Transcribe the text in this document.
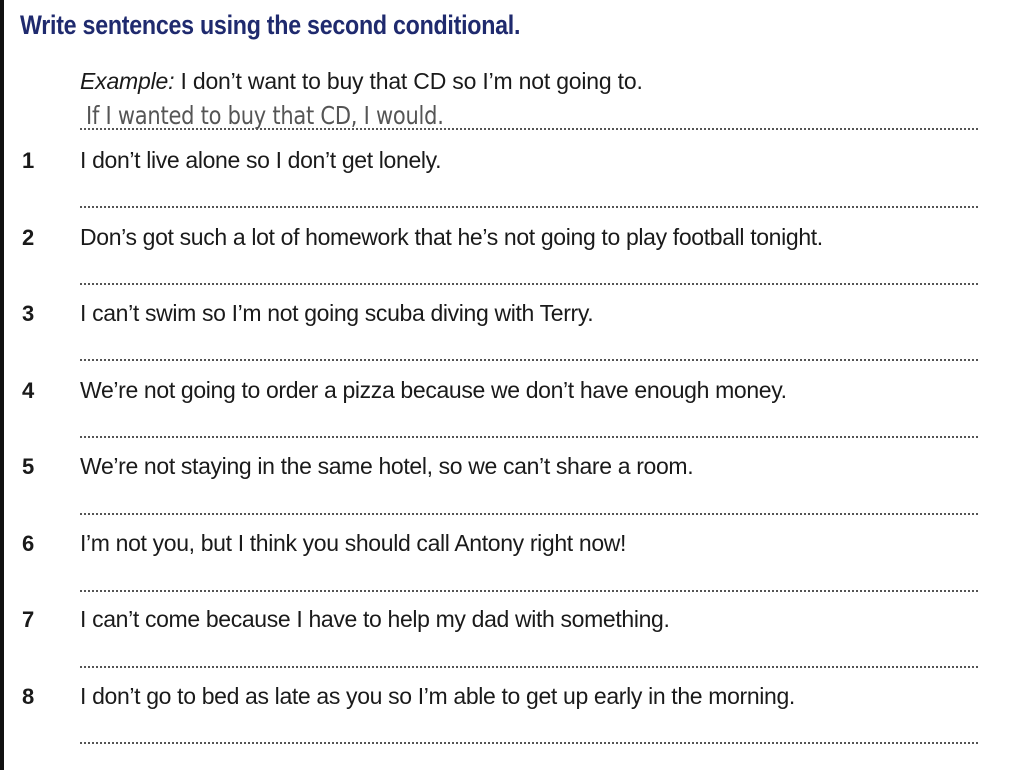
Write sentences using the second conditional.
Example: I don’t want to buy that CD so I’m not going to.
If I wanted to buy that CD, I would.
1 I don’t live alone so I don’t get lonely.
2 Don’s got such a lot of homework that he’s not going to play football tonight.
3 I can’t swim so I’m not going scuba diving with Terry.
4 We’re not going to order a pizza because we don’t have enough money.
5 We’re not staying in the same hotel, so we can’t share a room.
6 I’m not you, but I think you should call Antony right now!
7 I can’t come because I have to help my dad with something.
8 I don’t go to bed as late as you so I’m able to get up early in the morning.
